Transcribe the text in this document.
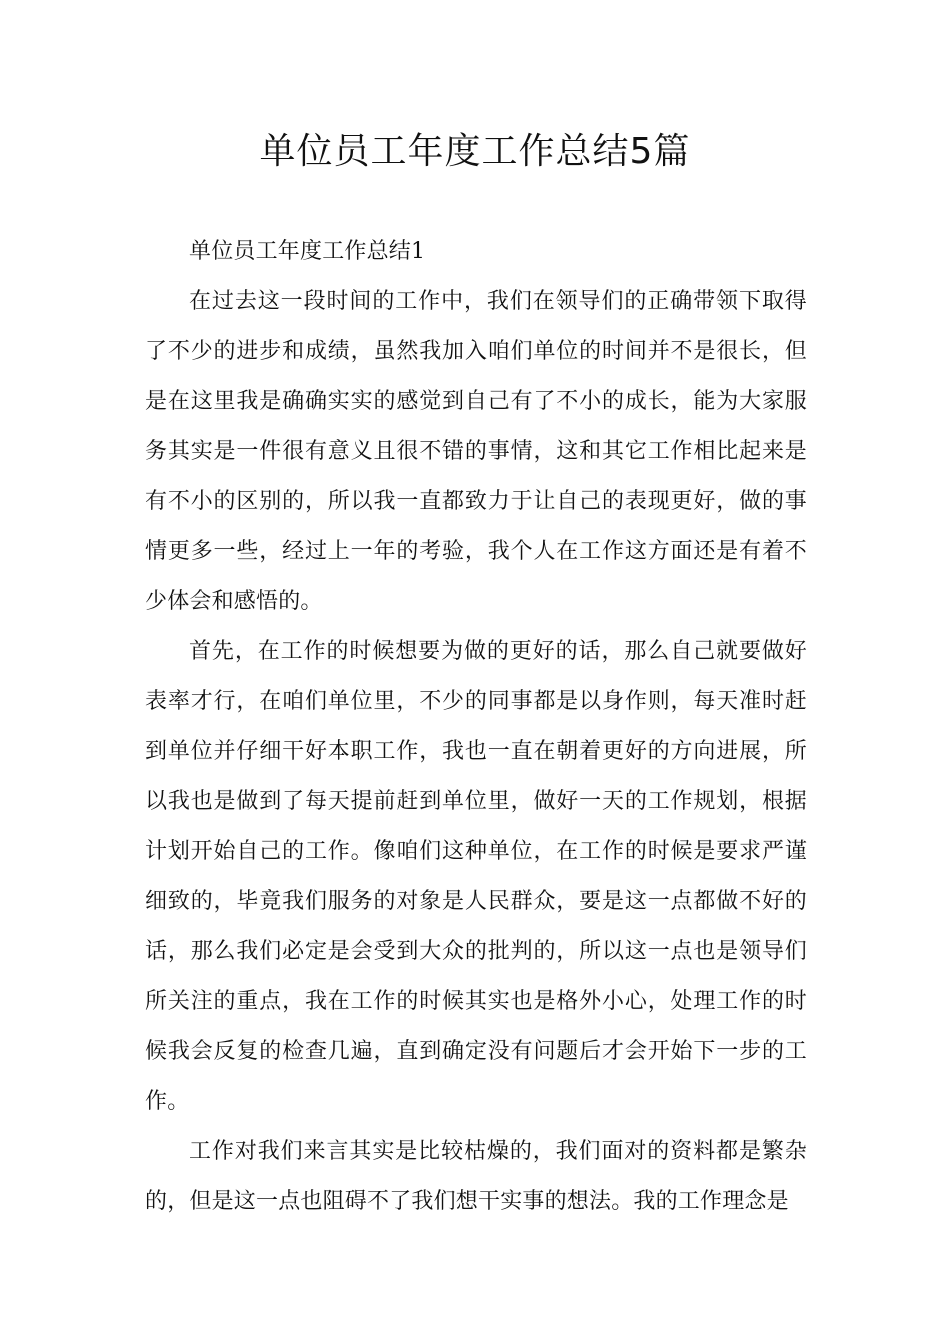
单位员工年度工作总结5篇

单位员工年度工作总结1

在过去这一段时间的工作中，我们在领导们的正确带领下取得了不少的进步和成绩，虽然我加入咱们单位的时间并不是很长，但是在这里我是确确实实的感觉到自己有了不小的成长，能为大家服务其实是一件很有意义且很不错的事情，这和其它工作相比起来是有不小的区别的，所以我一直都致力于让自己的表现更好，做的事情更多一些，经过上一年的考验，我个人在工作这方面还是有着不少体会和感悟的。

首先，在工作的时候想要为做的更好的话，那么自己就要做好表率才行，在咱们单位里，不少的同事都是以身作则，每天准时赶到单位并仔细干好本职工作，我也一直在朝着更好的方向进展，所以我也是做到了每天提前赶到单位里，做好一天的工作规划，根据计划开始自己的工作。像咱们这种单位，在工作的时候是要求严谨细致的，毕竟我们服务的对象是人民群众，要是这一点都做不好的话，那么我们必定是会受到大众的批判的，所以这一点也是领导们所关注的重点，我在工作的时候其实也是格外小心，处理工作的时候我会反复的检查几遍，直到确定没有问题后才会开始下一步的工作。

工作对我们来言其实是比较枯燥的，我们面对的资料都是繁杂的，但是这一点也阻碍不了我们想干实事的想法。我的工作理念是
